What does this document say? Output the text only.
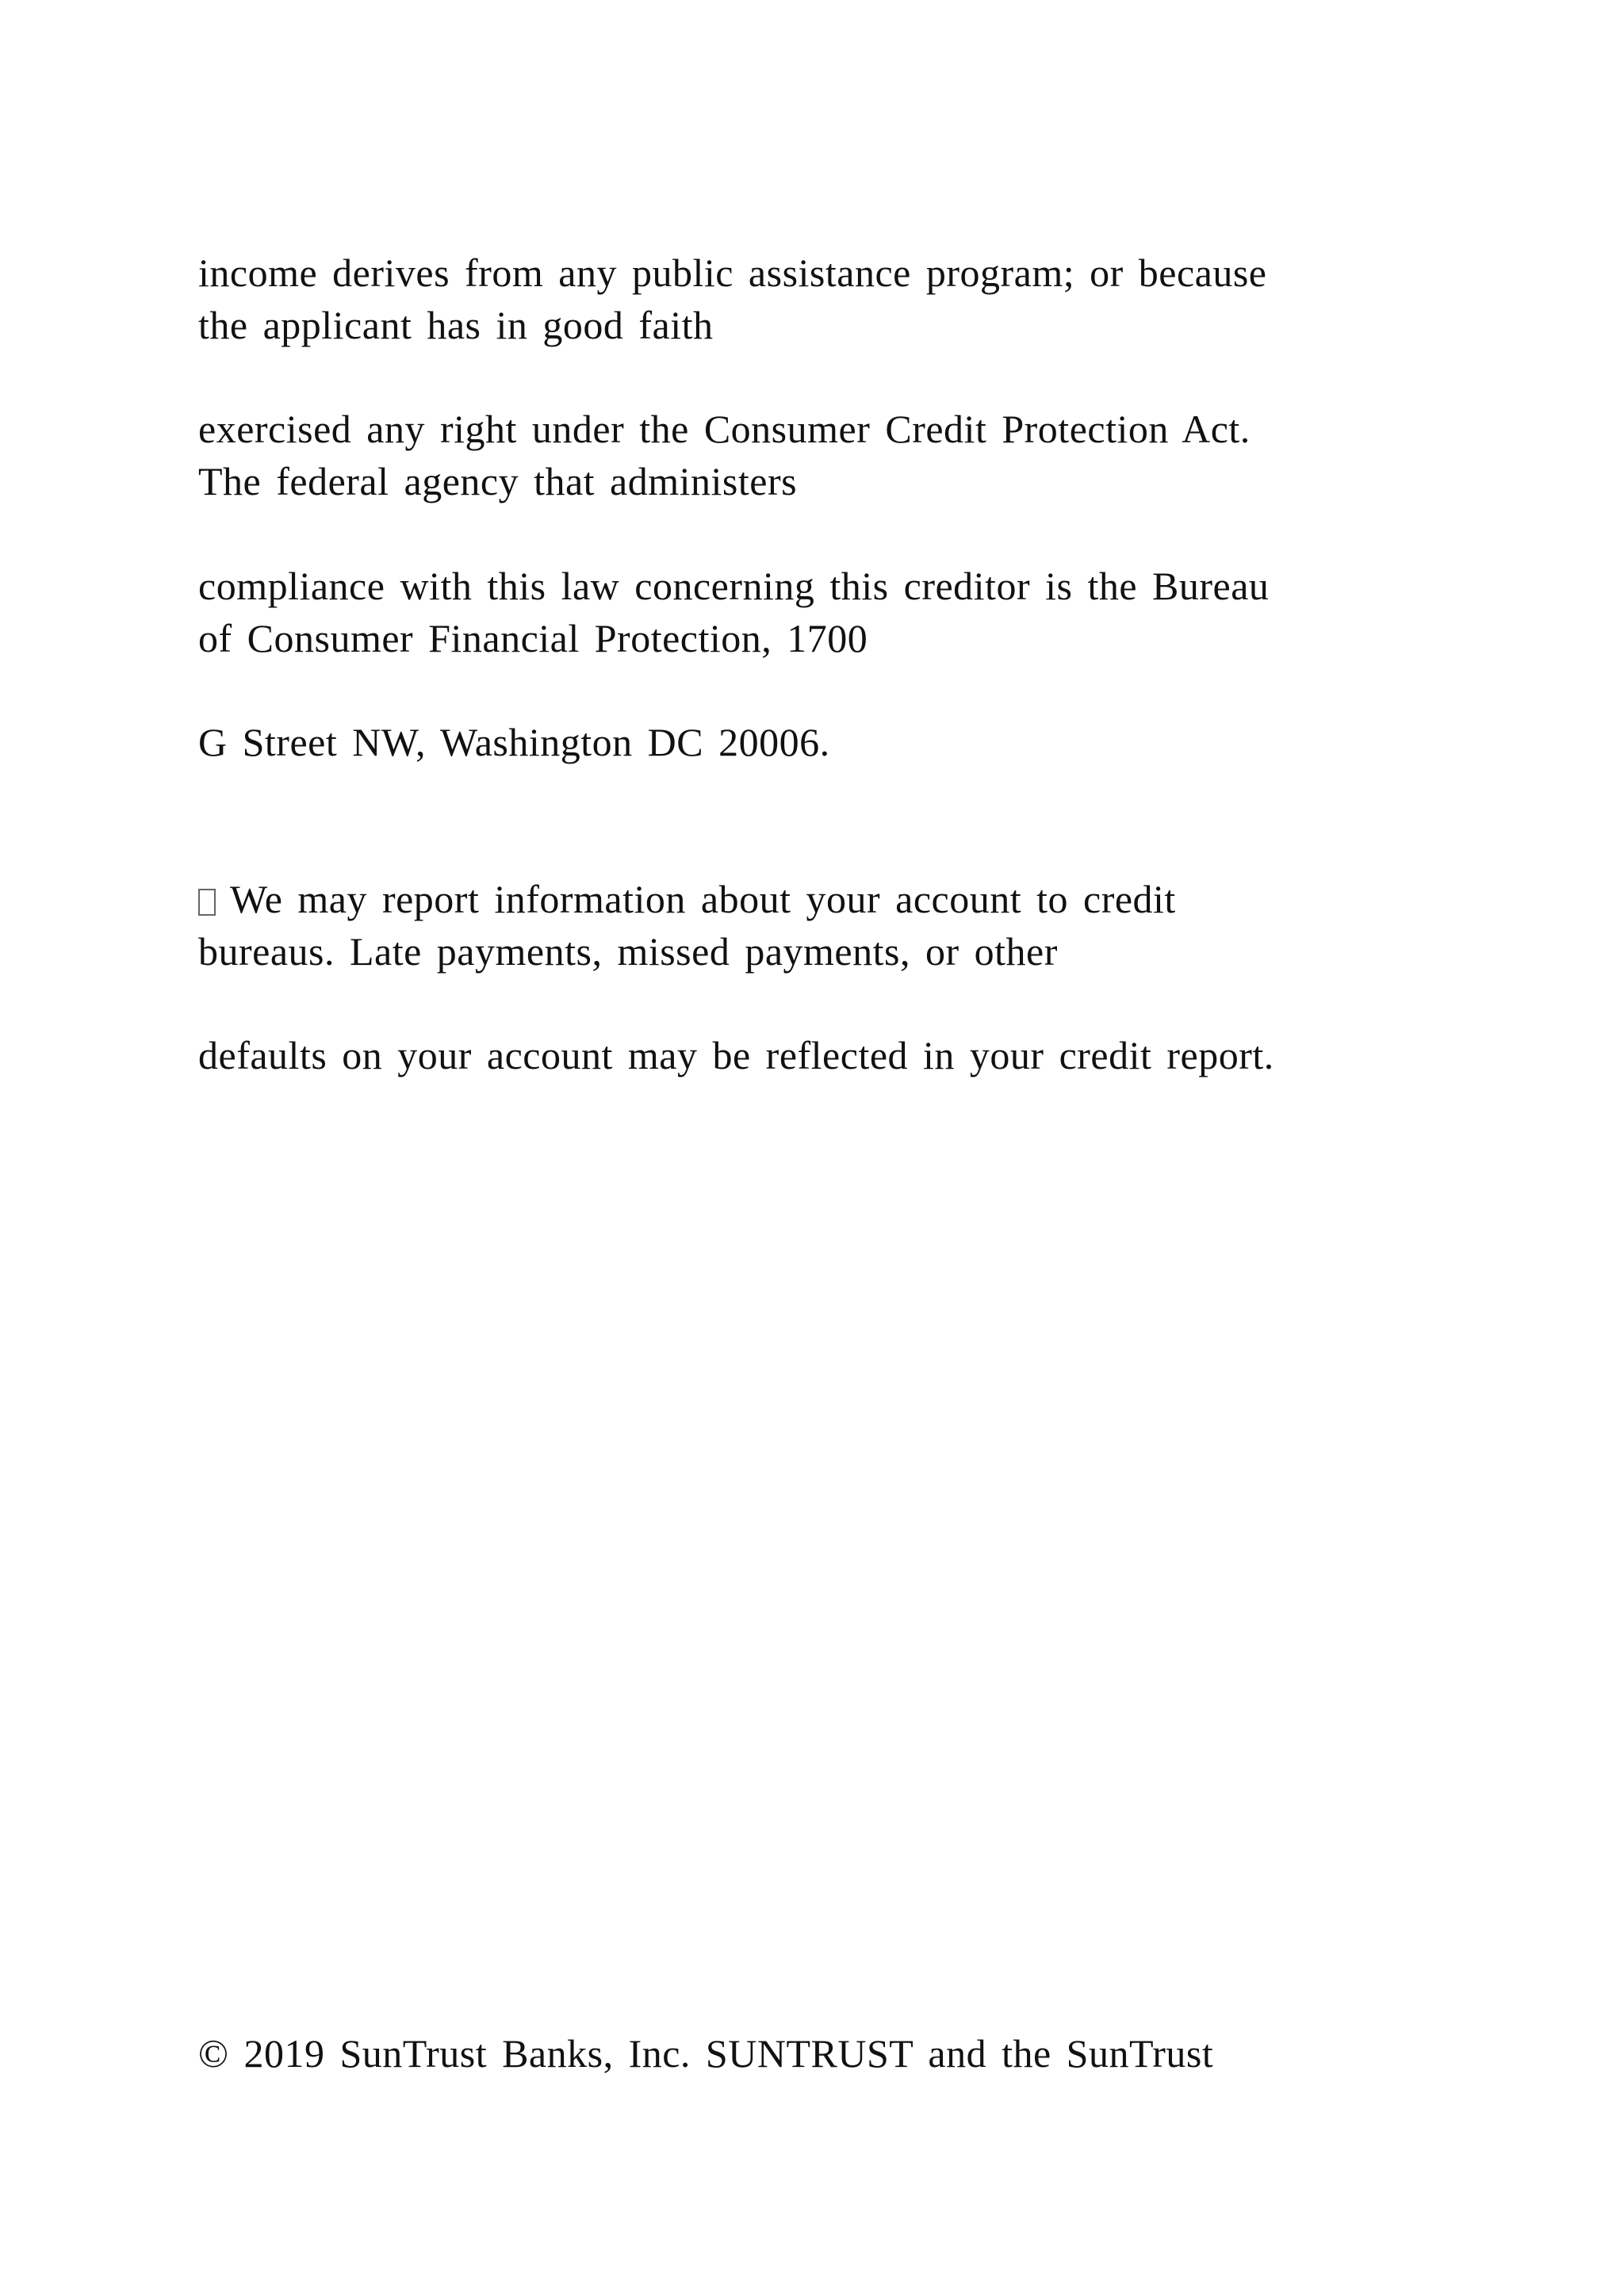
income derives from any public assistance program; or because
the applicant has in good faith

exercised any right under the Consumer Credit Protection Act.
The federal agency that administers

compliance with this law concerning this creditor is the Bureau
of Consumer Financial Protection, 1700

G Street NW, Washington DC 20006.

We may report information about your account to credit
bureaus. Late payments, missed payments, or other

defaults on your account may be reflected in your credit report.

© 2019 SunTrust Banks, Inc. SUNTRUST and the SunTrust
